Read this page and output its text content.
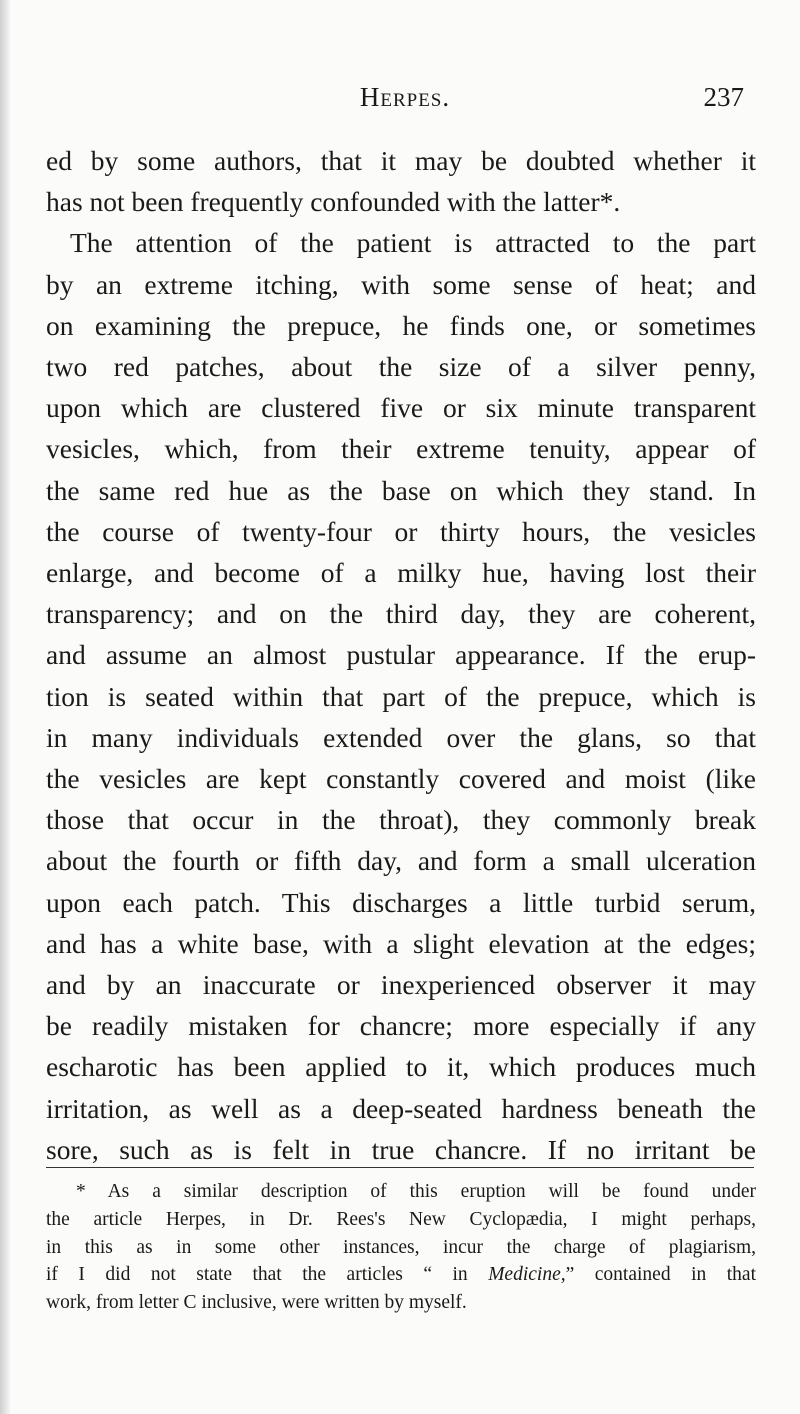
Herpes.	237
ed by some authors, that it may be doubted whether it
has not been frequently confounded with the latter*.
The attention of the patient is attracted to the part
by an extreme itching, with some sense of heat; and
on examining the prepuce, he finds one, or sometimes
two red patches, about the size of a silver penny,
upon which are clustered five or six minute transparent
vesicles, which, from their extreme tenuity, appear of
the same red hue as the base on which they stand. In
the course of twenty-four or thirty hours, the vesicles
enlarge, and become of a milky hue, having lost their
transparency; and on the third day, they are coherent,
and assume an almost pustular appearance. If the erup-
tion is seated within that part of the prepuce, which is
in many individuals extended over the glans, so that
the vesicles are kept constantly covered and moist (like
those that occur in the throat), they commonly break
about the fourth or fifth day, and form a small ulceration
upon each patch. This discharges a little turbid serum,
and has a white base, with a slight elevation at the edges;
and by an inaccurate or inexperienced observer it may
be readily mistaken for chancre; more especially if any
escharotic has been applied to it, which produces much
irritation, as well as a deep-seated hardness beneath the
sore, such as is felt in true chancre. If no irritant be
* As a similar description of this eruption will be found under
the article Herpes, in Dr. Rees's New Cyclopædia, I might perhaps,
in this as in some other instances, incur the charge of plagiarism,
if I did not state that the articles “ in Medicine,” contained in that
work, from letter C inclusive, were written by myself.
